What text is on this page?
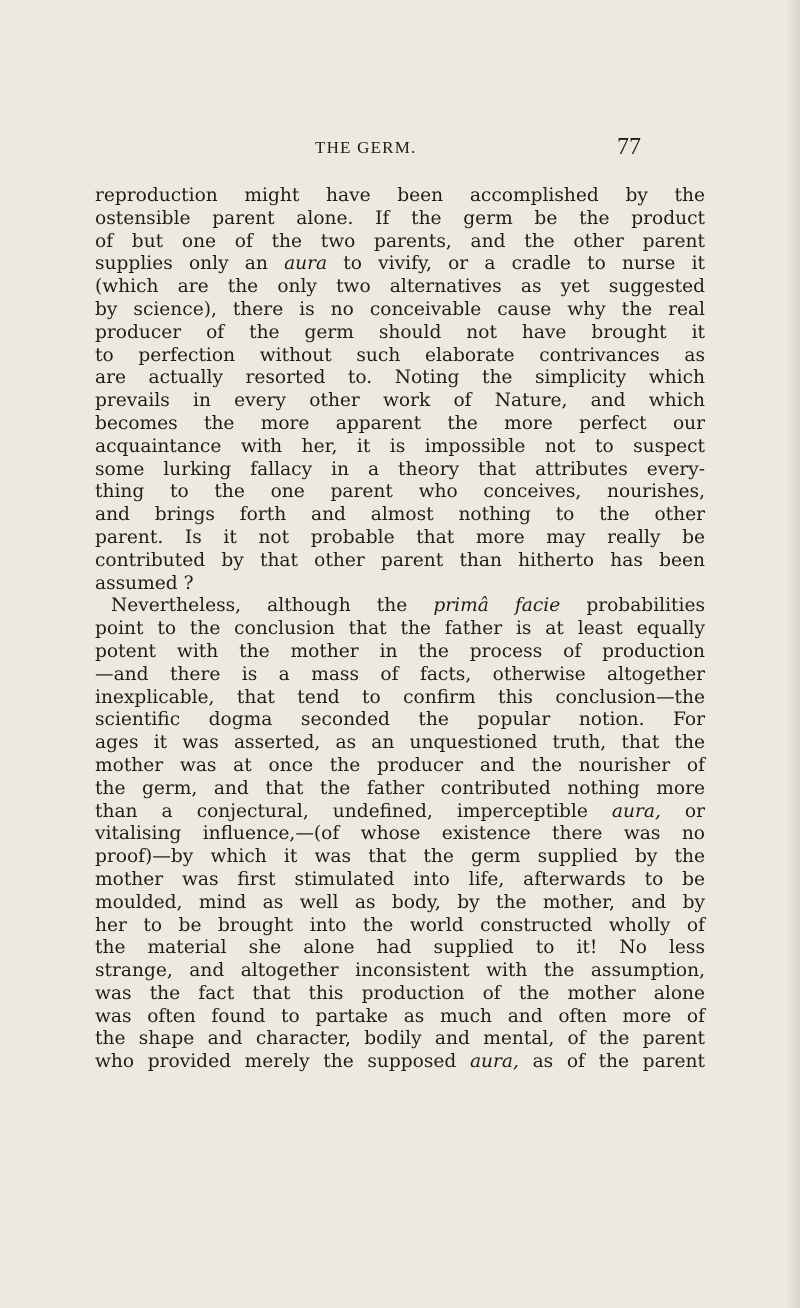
THE GERM.	77
reproduction might have been accomplished by the
ostensible parent alone. If the germ be the product
of but one of the two parents, and the other parent
supplies only an aura to vivify, or a cradle to nurse it
(which are the only two alternatives as yet suggested
by science), there is no conceivable cause why the real
producer of the germ should not have brought it
to perfection without such elaborate contrivances as
are actually resorted to. Noting the simplicity which
prevails in every other work of Nature, and which
becomes the more apparent the more perfect our
acquaintance with her, it is impossible not to suspect
some lurking fallacy in a theory that attributes every-
thing to the one parent who conceives, nourishes,
and brings forth and almost nothing to the other
parent. Is it not probable that more may really be
contributed by that other parent than hitherto has been
assumed ?
Nevertheless, although the primâ facie probabilities
point to the conclusion that the father is at least equally
potent with the mother in the process of production
—and there is a mass of facts, otherwise altogether
inexplicable, that tend to confirm this conclusion—the
scientific dogma seconded the popular notion. For
ages it was asserted, as an unquestioned truth, that the
mother was at once the producer and the nourisher of
the germ, and that the father contributed nothing more
than a conjectural, undefined, imperceptible aura, or
vitalising influence,—(of whose existence there was no
proof)—by which it was that the germ supplied by the
mother was first stimulated into life, afterwards to be
moulded, mind as well as body, by the mother, and by
her to be brought into the world constructed wholly of
the material she alone had supplied to it! No less
strange, and altogether inconsistent with the assumption,
was the fact that this production of the mother alone
was often found to partake as much and often more of
the shape and character, bodily and mental, of the parent
who provided merely the supposed aura, as of the parent
